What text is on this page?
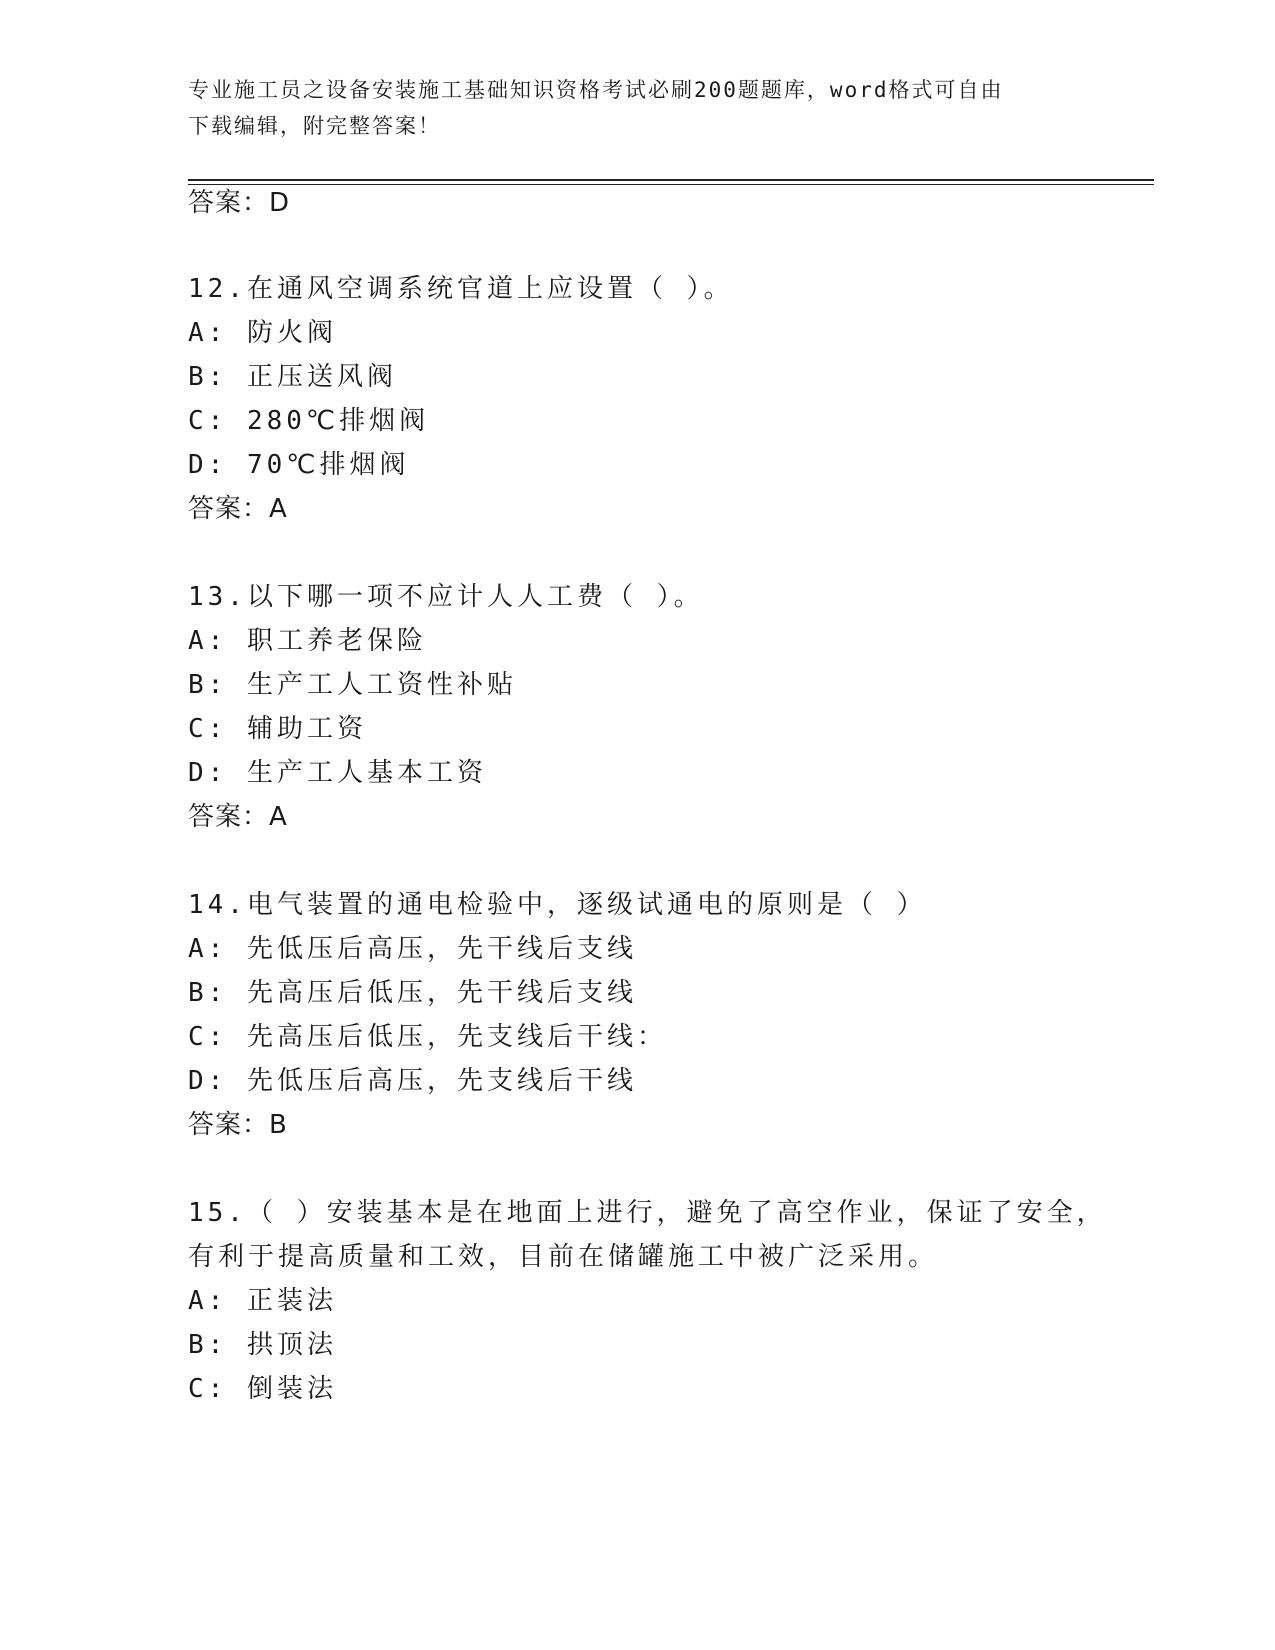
专业施工员之设备安装施工基础知识资格考试必刷200题题库，word格式可自由
下载编辑，附完整答案！
答案：D
12.在通风空调系统官道上应设置（ ）。
A: 防火阀
B: 正压送风阀
C: 280℃排烟阀
D: 70℃排烟阀
答案：A
13.以下哪一项不应计人人工费（ ）。
A: 职工养老保险
B: 生产工人工资性补贴
C: 辅助工资
D: 生产工人基本工资
答案：A
14.电气装置的通电检验中，逐级试通电的原则是（ ）
A: 先低压后高压，先干线后支线
B: 先高压后低压，先干线后支线
C: 先高压后低压，先支线后干线：
D: 先低压后高压，先支线后干线
答案：B
15.（ ）安装基本是在地面上进行，避免了高空作业，保证了安全，
有利于提高质量和工效，目前在储罐施工中被广泛采用。
A: 正装法
B: 拱顶法
C: 倒装法
